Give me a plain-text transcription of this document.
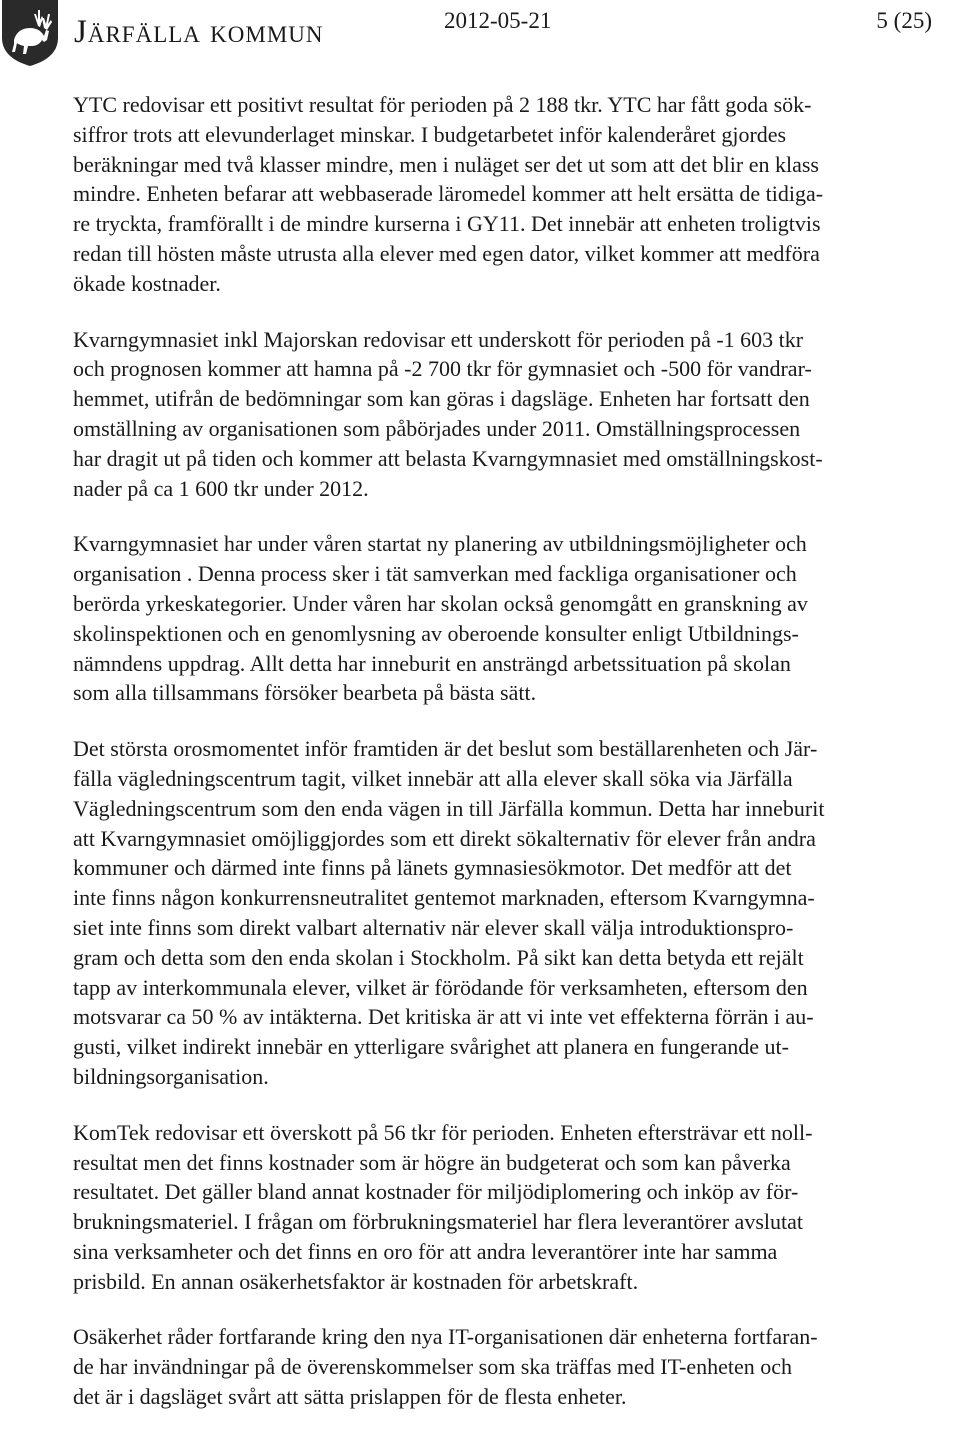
Järfälla kommun	2012-05-21	5 (25)

YTC redovisar ett positivt resultat för perioden på 2 188 tkr. YTC har fått goda sök-
siffror trots att elevunderlaget minskar. I budgetarbetet inför kalenderåret gjordes
beräkningar med två klasser mindre, men i nuläget ser det ut som att det blir en klass
mindre. Enheten befarar att webbaserade läromedel kommer att helt ersätta de tidiga-
re tryckta, framförallt i de mindre kurserna i GY11. Det innebär att enheten troligtvis
redan till hösten måste utrusta alla elever med egen dator, vilket kommer att medföra
ökade kostnader.

Kvarngymnasiet inkl Majorskan redovisar ett underskott för perioden på -1 603 tkr
och prognosen kommer att hamna på -2 700 tkr för gymnasiet och -500 för vandrar-
hemmet, utifrån de bedömningar som kan göras i dagsläge. Enheten har fortsatt den
omställning av organisationen som påbörjades under 2011. Omställningsprocessen
har dragit ut på tiden och kommer att belasta Kvarngymnasiet med omställningskost-
nader på ca 1 600 tkr under 2012.

Kvarngymnasiet har under våren startat ny planering av utbildningsmöjligheter och
organisation . Denna process sker i tät samverkan med fackliga organisationer och
berörda yrkeskategorier. Under våren har skolan också genomgått en granskning av
skolinspektionen och en genomlysning av oberoende konsulter enligt Utbildnings-
nämndens uppdrag. Allt detta har inneburit en ansträngd arbetssituation på skolan
som alla tillsammans försöker bearbeta på bästa sätt.

Det största orosmomentet inför framtiden är det beslut som beställarenheten och Jär-
fälla vägledningscentrum tagit, vilket innebär att alla elever skall söka via Järfälla
Vägledningscentrum som den enda vägen in till Järfälla kommun. Detta har inneburit
att Kvarngymnasiet omöjliggjordes som ett direkt sökalternativ för elever från andra
kommuner och därmed inte finns på länets gymnasiesökmotor. Det medför att det
inte finns någon konkurrensneutralitet gentemot marknaden, eftersom Kvarngymna-
siet inte finns som direkt valbart alternativ när elever skall välja introduktionspro-
gram och detta som den enda skolan i Stockholm. På sikt kan detta betyda ett rejält
tapp av interkommunala elever, vilket är förödande för verksamheten, eftersom den
motsvarar ca 50 % av intäkterna. Det kritiska är att vi inte vet effekterna förrän i au-
gusti, vilket indirekt innebär en ytterligare svårighet att planera en fungerande ut-
bildningsorganisation.

KomTek redovisar ett överskott på 56 tkr för perioden. Enheten eftersträvar ett noll-
resultat men det finns kostnader som är högre än budgeterat och som kan påverka
resultatet. Det gäller bland annat kostnader för miljödiplomering och inköp av för-
brukningsmateriel. I frågan om förbrukningsmateriel har flera leverantörer avslutat
sina verksamheter och det finns en oro för att andra leverantörer inte har samma
prisbild. En annan osäkerhetsfaktor är kostnaden för arbetskraft.

Osäkerhet råder fortfarande kring den nya IT-organisationen där enheterna fortfaran-
de har invändningar på de överenskommelser som ska träffas med IT-enheten och
det är i dagsläget svårt att sätta prislappen för de flesta enheter.
